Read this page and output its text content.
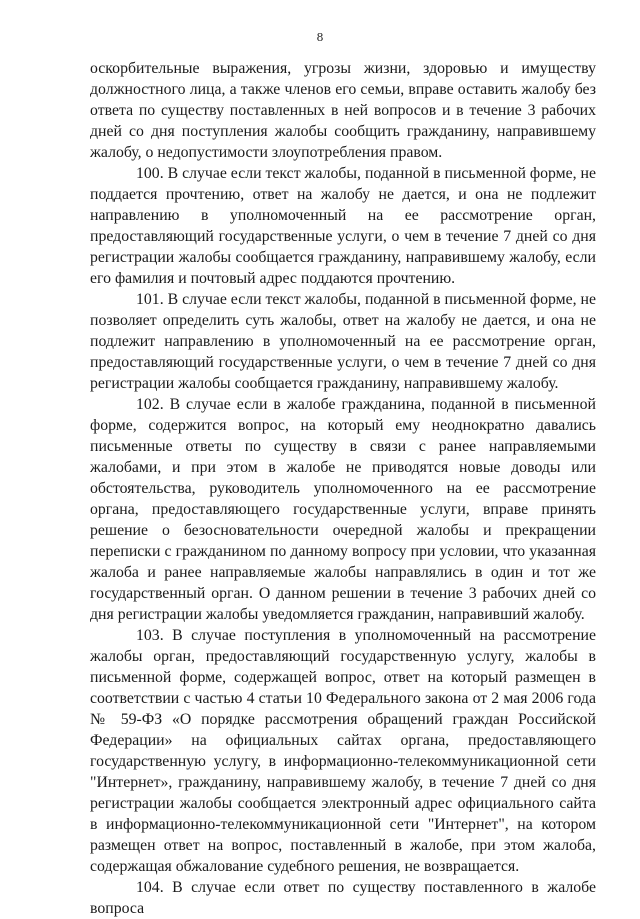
8

оскорбительные выражения, угрозы жизни, здоровью и имуществу должностного лица, а также членов его семьи, вправе оставить жалобу без ответа по существу поставленных в ней вопросов и в течение 3 рабочих дней со дня поступления жалобы сообщить гражданину, направившему жалобу, о недопустимости злоупотребления правом.

100. В случае если текст жалобы, поданной в письменной форме, не поддается прочтению, ответ на жалобу не дается, и она не подлежит направлению в уполномоченный на ее рассмотрение орган, предоставляющий государственные услуги, о чем в течение 7 дней со дня регистрации жалобы сообщается гражданину, направившему жалобу, если его фамилия и почтовый адрес поддаются прочтению.

101. В случае если текст жалобы, поданной в письменной форме, не позволяет определить суть жалобы, ответ на жалобу не дается, и она не подлежит направлению в уполномоченный на ее рассмотрение орган, предоставляющий государственные услуги, о чем в течение 7 дней со дня регистрации жалобы сообщается гражданину, направившему жалобу.

102. В случае если в жалобе гражданина, поданной в письменной форме, содержится вопрос, на который ему неоднократно давались письменные ответы по существу в связи с ранее направляемыми жалобами, и при этом в жалобе не приводятся новые доводы или обстоятельства, руководитель уполномоченного на ее рассмотрение органа, предоставляющего государственные услуги, вправе принять решение о безосновательности очередной жалобы и прекращении переписки с гражданином по данному вопросу при условии, что указанная жалоба и ранее направляемые жалобы направлялись в один и тот же государственный орган. О данном решении в течение 3 рабочих дней со дня регистрации жалобы уведомляется гражданин, направивший жалобу.

103. В случае поступления в уполномоченный на рассмотрение жалобы орган, предоставляющий государственную услугу, жалобы в письменной форме, содержащей вопрос, ответ на который размещен в соответствии с частью 4 статьи 10 Федерального закона от 2 мая 2006 года № 59-ФЗ «О порядке рассмотрения обращений граждан Российской Федерации» на официальных сайтах органа, предоставляющего государственную услугу, в информационно-телекоммуникационной сети "Интернет», гражданину, направившему жалобу, в течение 7 дней со дня регистрации жалобы сообщается электронный адрес официального сайта в информационно-телекоммуникационной сети "Интернет", на котором размещен ответ на вопрос, поставленный в жалобе, при этом жалоба, содержащая обжалование судебного решения, не возвращается.

104. В случае если ответ по существу поставленного в жалобе вопроса
